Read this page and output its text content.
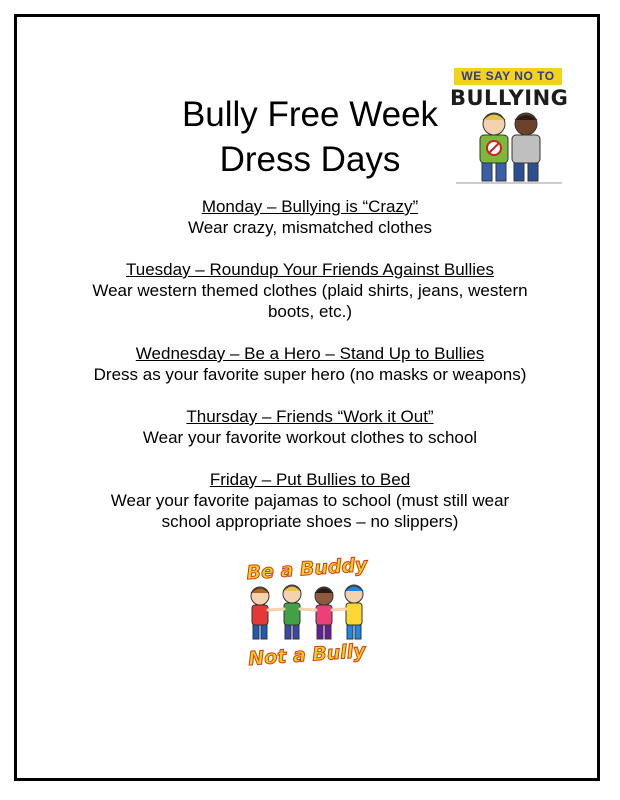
Bully Free Week
Dress Days
WE SAY NO TO
BULLYING
Monday – Bullying is “Crazy”
Wear crazy, mismatched clothes
Tuesday – Roundup Your Friends Against Bullies
Wear western themed clothes (plaid shirts, jeans, western boots, etc.)
Wednesday – Be a Hero – Stand Up to Bullies
Dress as your favorite super hero (no masks or weapons)
Thursday – Friends “Work it Out”
Wear your favorite workout clothes to school
Friday – Put Bullies to Bed
Wear your favorite pajamas to school (must still wear school appropriate shoes – no slippers)
Be a Buddy
Not a Bully
